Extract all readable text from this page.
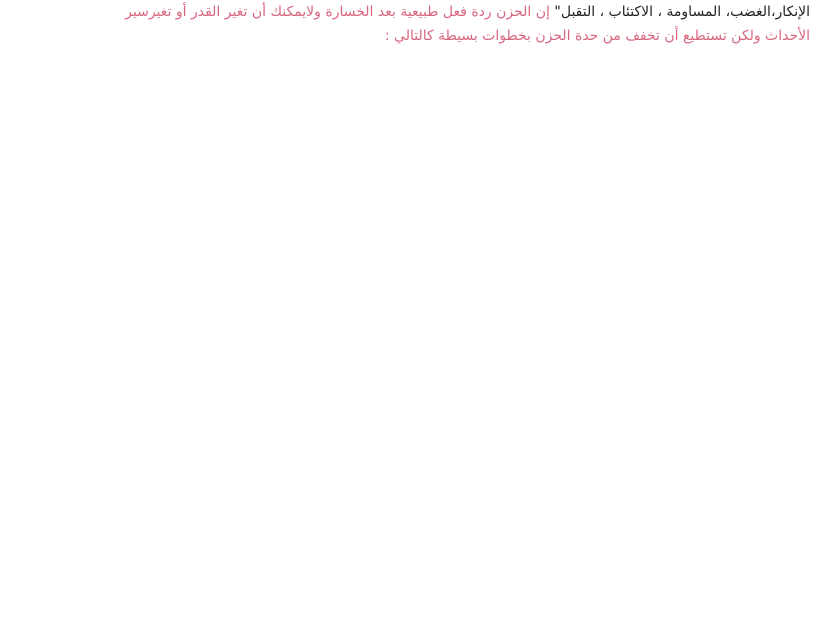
الإنكار،الغضب، المساومة ، الاكتئاب ، التقبل" إن الحزن ردة فعل طبيعية بعد الخسارة ولايمكنك أن تغير القدر أو تغيرسير
الأحداث ولكن تستطيع أن تخفف من حدة الحزن بخطوات بسيطة كالتالي :
